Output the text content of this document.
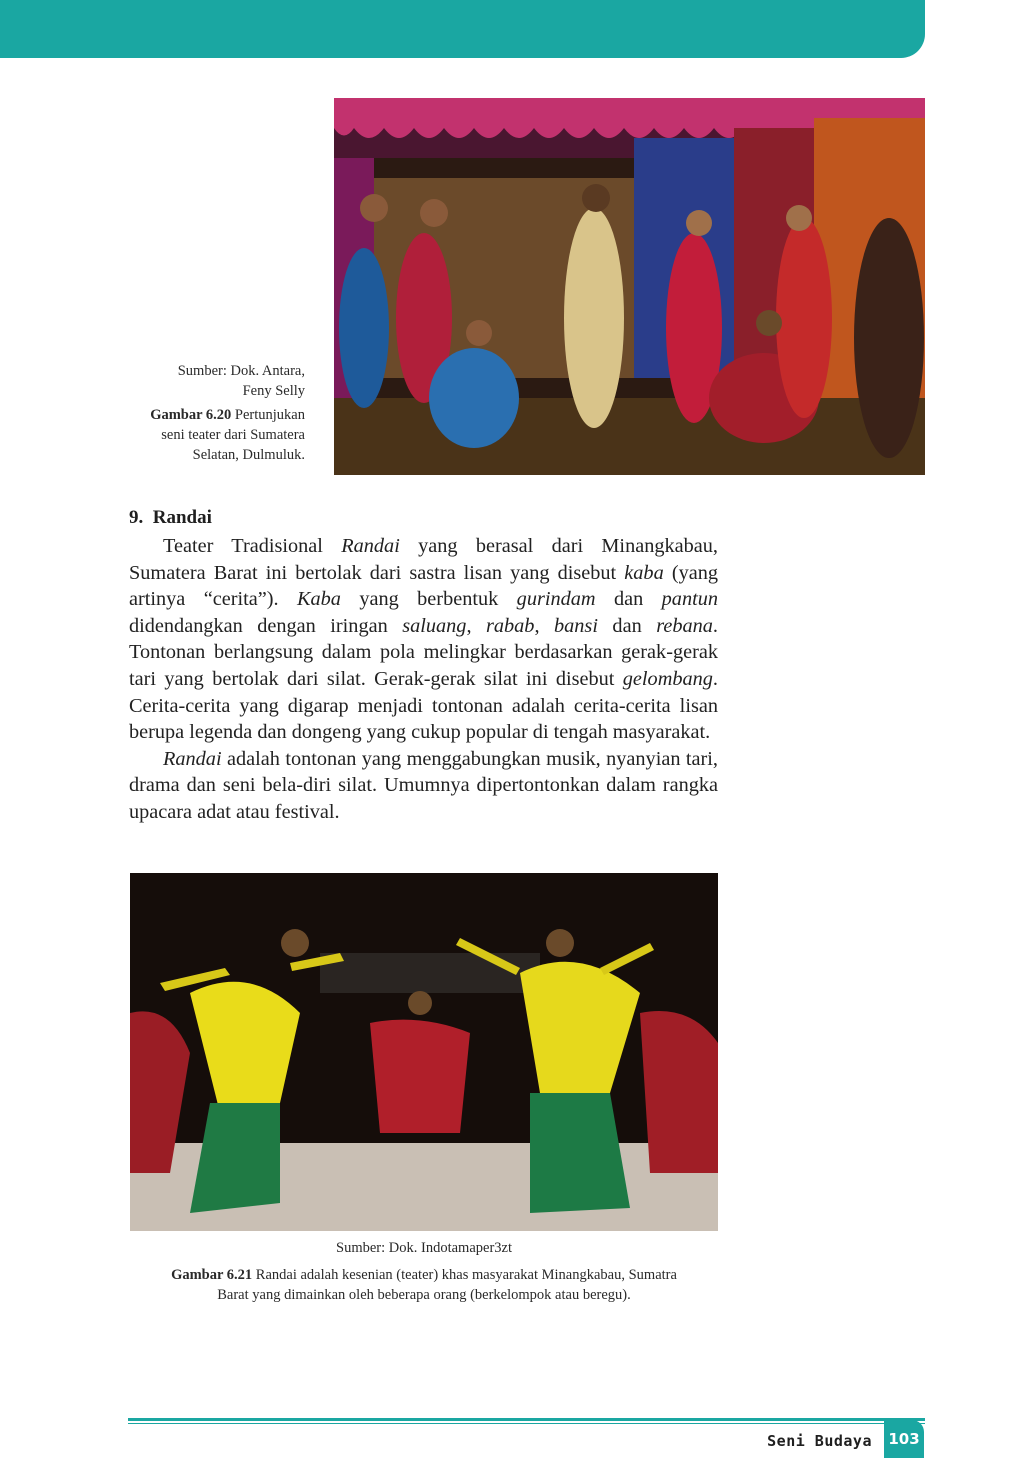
Sumber: Dok. Antara,
Feny Selly
Gambar 6.20 Pertunjukan
seni teater dari Sumatera
Selatan, Dulmuluk.
9. Randai

Teater Tradisional Randai yang berasal dari Minangkabau, Sumatera Barat ini bertolak dari sastra lisan yang disebut kaba (yang artinya “cerita”). Kaba yang berbentuk gurindam dan pantun didendangkan dengan iringan saluang, rabab, bansi dan rebana. Tontonan berlangsung dalam pola melingkar berdasarkan gerak-gerak tari yang bertolak dari silat. Gerak-gerak silat ini disebut gelombang. Cerita-cerita yang digarap menjadi tontonan adalah cerita-cerita lisan berupa legenda dan dongeng yang cukup popular di tengah masyarakat.

Randai adalah tontonan yang menggabungkan musik, nyanyian tari, drama dan seni bela-diri silat. Umumnya dipertontonkan dalam rangka upacara adat atau festival.

Sumber: Dok. Indotamaper3zt
Gambar 6.21 Randai adalah kesenian (teater) khas masyarakat Minangkabau, Sumatra
Barat yang dimainkan oleh beberapa orang (berkelompok atau beregu).
Seni Budaya 103
